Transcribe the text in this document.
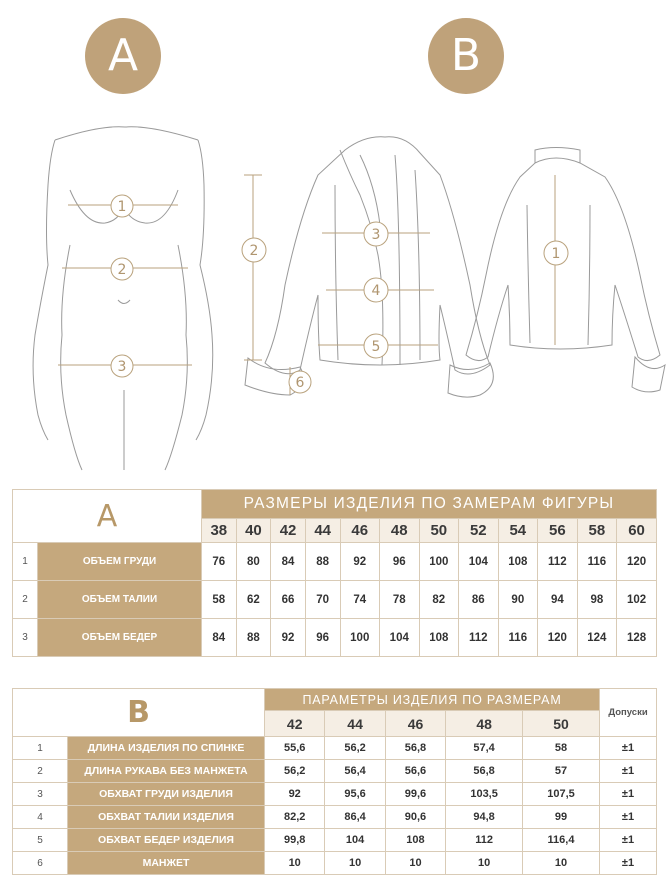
A	B
1
2
3
2
3
4
5
6
1
A		РАЗМЕРЫ ИЗДЕЛИЯ ПО ЗАМЕРАМ ФИГУРЫ											
		38	40	42	44	46	48	50	52	54	56	58	60
1	ОБЪЕМ ГРУДИ	76	80	84	88	92	96	100	104	108	112	116	120
2	ОБЪЕМ ТАЛИИ	58	62	66	70	74	78	82	86	90	94	98	102
3	ОБЪЕМ БЕДЕР	84	88	92	96	100	104	108	112	116	120	124	128
B		ПАРАМЕТРЫ ИЗДЕЛИЯ ПО РАЗМЕРАМ					Допуски
		42	44	46	48	50	
1	ДЛИНА ИЗДЕЛИЯ ПО СПИНКЕ	55,6	56,2	56,8	57,4	58	±1
2	ДЛИНА РУКАВА БЕЗ МАНЖЕТА	56,2	56,4	56,6	56,8	57	±1
3	ОБХВАТ ГРУДИ ИЗДЕЛИЯ	92	95,6	99,6	103,5	107,5	±1
4	ОБХВАТ ТАЛИИ ИЗДЕЛИЯ	82,2	86,4	90,6	94,8	99	±1
5	ОБХВАТ БЕДЕР ИЗДЕЛИЯ	99,8	104	108	112	116,4	±1
6	МАНЖЕТ	10	10	10	10	10	±1
